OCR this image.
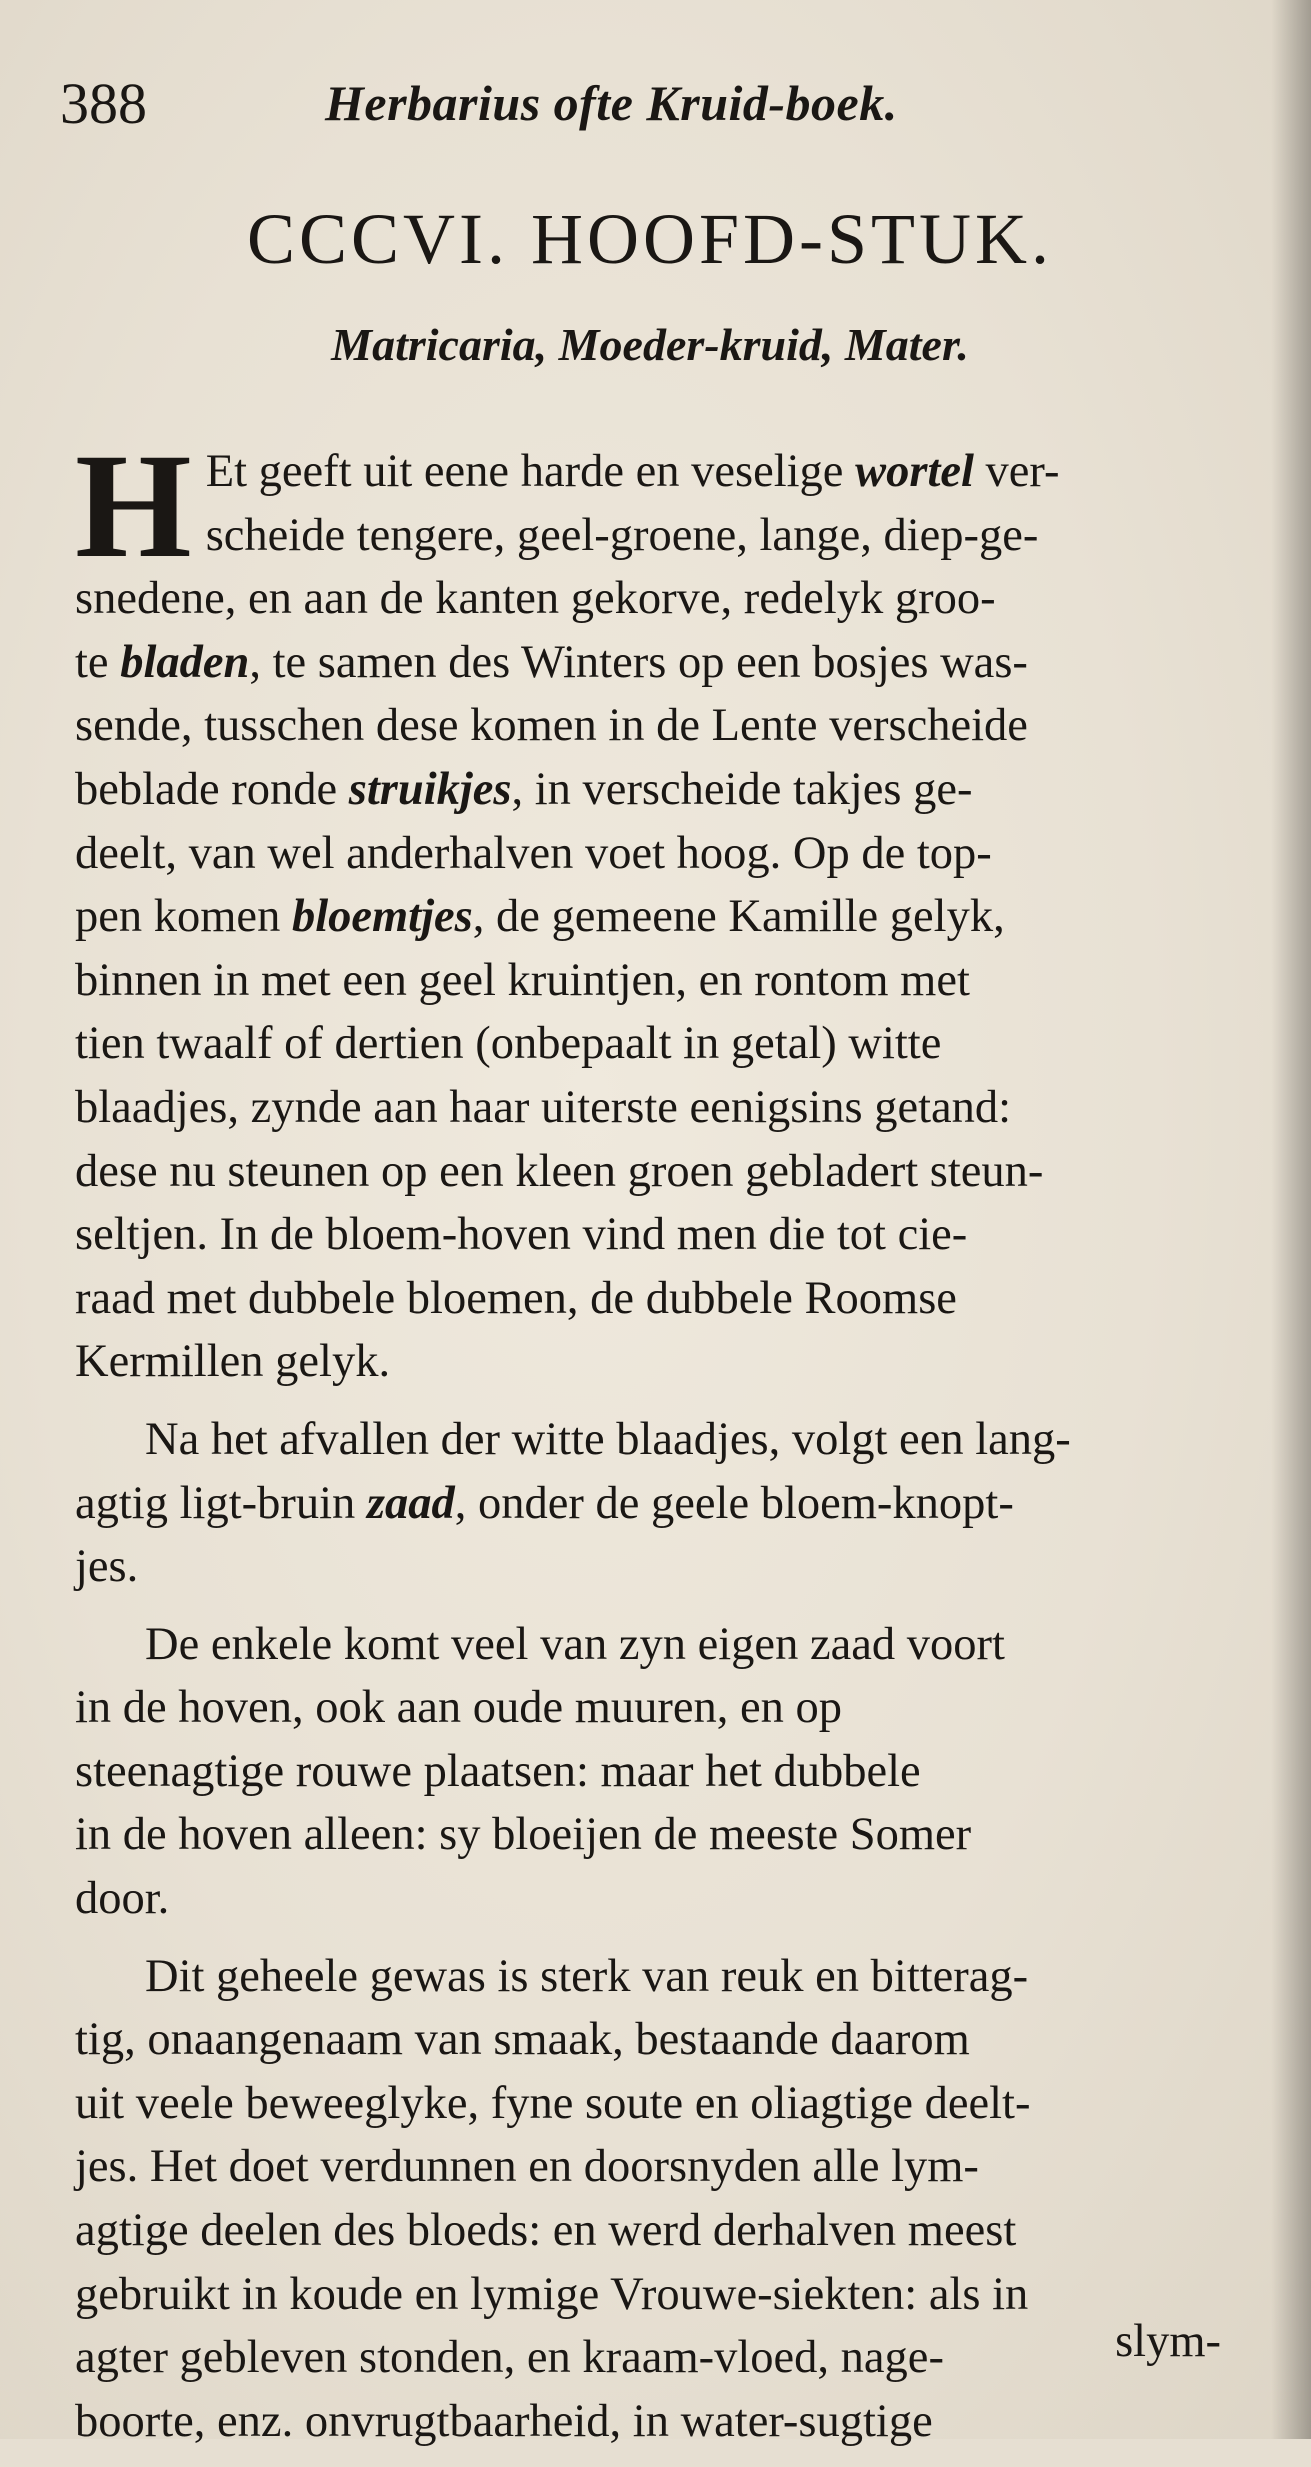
388	Herbarius ofte Kruid-boek.
CCCVI. HOOFD-STUK.
Matricaria, Moeder-kruid, Mater.
H Et geeft uit eene harde en veselige wortel ver-
scheide tengere, geel-groene, lange, diep-ge-
snedene, en aan de kanten gekorve, redelyk groo-
te bladen, te samen des Winters op een bosjes was-
sende, tusschen dese komen in de Lente verscheide
beblade ronde struikjes, in verscheide takjes ge-
deelt, van wel anderhalven voet hoog. Op de top-
pen komen bloemtjes, de gemeene Kamille gelyk,
binnen in met een geel kruintjen, en rontom met
tien twaalf of dertien (onbepaalt in getal) witte
blaadjes, zynde aan haar uiterste eenigsins getand:
dese nu steunen op een kleen groen gebladert steun-
seltjen. In de bloem-hoven vind men die tot cie-
raad met dubbele bloemen, de dubbele Roomse
Kermillen gelyk.
Na het afvallen der witte blaadjes, volgt een lang-
agtig ligt-bruin zaad, onder de geele bloem-knopt-
jes.
De enkele komt veel van zyn eigen zaad voort
in de hoven, ook aan oude muuren, en op
steenagtige rouwe plaatsen: maar het dubbele
in de hoven alleen: sy bloeijen de meeste Somer
door.
Dit geheele gewas is sterk van reuk en bitterag-
tig, onaangenaam van smaak, bestaande daarom
uit veele beweeglyke, fyne soute en oliagtige deelt-
jes. Het doet verdunnen en doorsnyden alle lym-
agtige deelen des bloeds: en werd derhalven meest
gebruikt in koude en lymige Vrouwe-siekten: als in
agter gebleven stonden, en kraam-vloed, nage-
boorte, enz. onvrugtbaarheid, in water-sugtige
slym-
